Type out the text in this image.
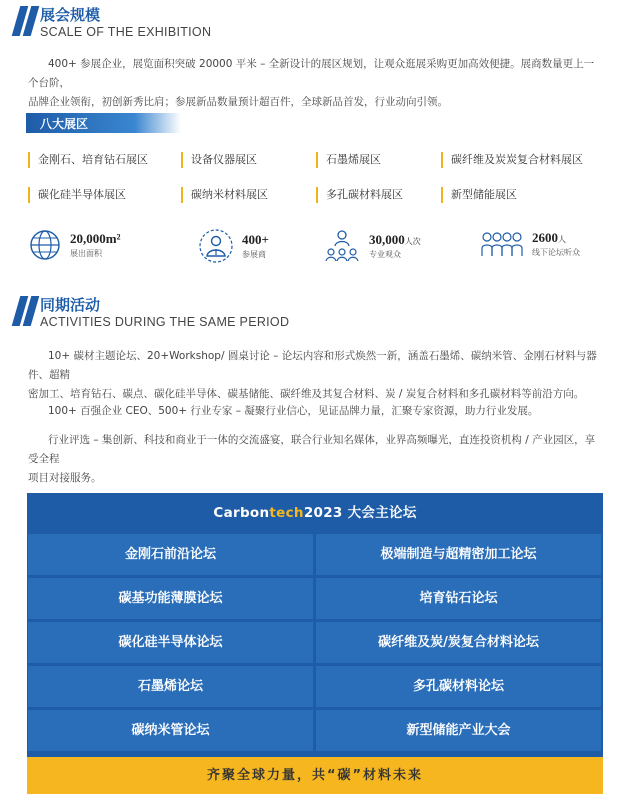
展会规模
SCALE OF THE EXHIBITION
400+ 参展企业，展览面积突破 20000 平米 – 全新设计的展区规划，让观众逛展采购更加高效便捷。展商数量更上一个台阶，
品牌企业领衔，初创新秀比肩；参展新品数量预计超百件，全球新品首发，行业动向引领。
八大展区
金刚石、培育钻石展区	设备仪器展区	石墨烯展区	碳纤维及炭炭复合材料展区
碳化硅半导体展区	碳纳米材料展区	多孔碳材料展区	新型储能展区
20,000m²
展出面积
400+
参展商
30,000人次
专业观众
2600人
线下论坛听众
同期活动
ACTIVITIES DURING THE SAME PERIOD
10+ 碳材主题论坛、20+Workshop/ 圆桌讨论 – 论坛内容和形式焕然一新，涵盖石墨烯、碳纳米管、金刚石材料与器件、超精
密加工、培育钻石、碳点、碳化硅半导体、碳基储能、碳纤维及其复合材料、炭 / 炭复合材料和多孔碳材料等前沿方向。
100+ 百强企业 CEO、500+ 行业专家 – 凝聚行业信心，见证品牌力量，汇聚专家资源，助力行业发展。
行业评选 – 集创新、科技和商业于一体的交流盛宴，联合行业知名媒体，业界高频曝光，直连投资机构 / 产业园区，享受全程
项目对接服务。
Carbontech2023 大会主论坛
金刚石前沿论坛	极端制造与超精密加工论坛
碳基功能薄膜论坛	培育钻石论坛
碳化硅半导体论坛	碳纤维及炭/炭复合材料论坛
石墨烯论坛	多孔碳材料论坛
碳纳米管论坛	新型储能产业大会
齐聚全球力量，共“碳”材料未来
